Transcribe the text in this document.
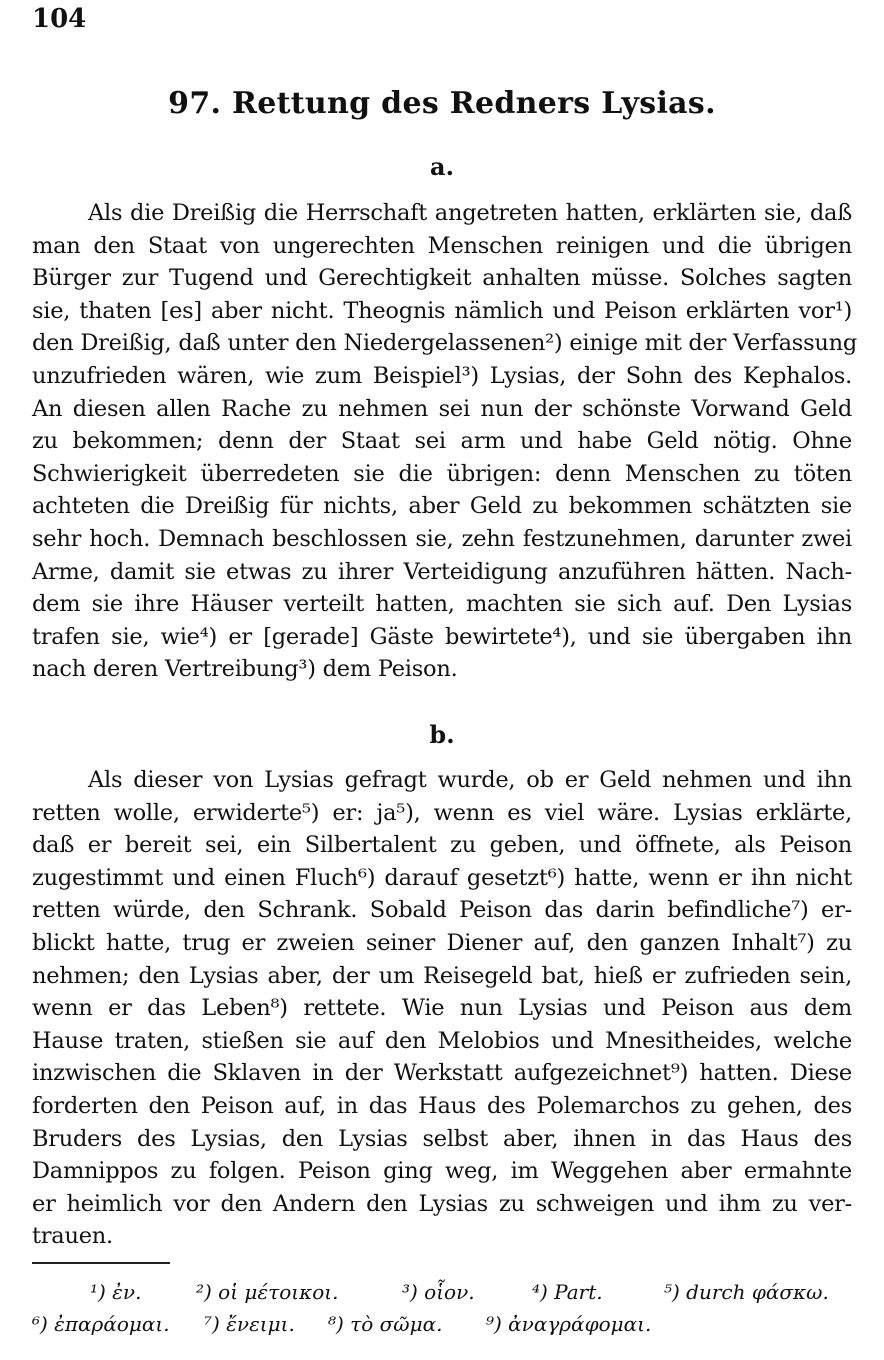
104
97. Rettung des Redners Lysias.
a.
Als die Dreißig die Herrschaft angetreten hatten, erklärten sie, daß
man den Staat von ungerechten Menschen reinigen und die übrigen
Bürger zur Tugend und Gerechtigkeit anhalten müsse. Solches sagten
sie, thaten [es] aber nicht. Theognis nämlich und Peison erklärten vor¹)
den Dreißig, daß unter den Niedergelassenen²) einige mit der Verfassung
unzufrieden wären, wie zum Beispiel³) Lysias, der Sohn des Kephalos.
An diesen allen Rache zu nehmen sei nun der schönste Vorwand Geld
zu bekommen; denn der Staat sei arm und habe Geld nötig. Ohne
Schwierigkeit überredeten sie die übrigen: denn Menschen zu töten
achteten die Dreißig für nichts, aber Geld zu bekommen schätzten sie
sehr hoch. Demnach beschlossen sie, zehn festzunehmen, darunter zwei
Arme, damit sie etwas zu ihrer Verteidigung anzuführen hätten. Nach-
dem sie ihre Häuser verteilt hatten, machten sie sich auf. Den Lysias
trafen sie, wie⁴) er [gerade] Gäste bewirtete⁴), und sie übergaben ihn
nach deren Vertreibung³) dem Peison.
b.
Als dieser von Lysias gefragt wurde, ob er Geld nehmen und ihn
retten wolle, erwiderte⁵) er: ja⁵), wenn es viel wäre. Lysias erklärte,
daß er bereit sei, ein Silbertalent zu geben, und öffnete, als Peison
zugestimmt und einen Fluch⁶) darauf gesetzt⁶) hatte, wenn er ihn nicht
retten würde, den Schrank. Sobald Peison das darin befindliche⁷) er-
blickt hatte, trug er zweien seiner Diener auf, den ganzen Inhalt⁷) zu
nehmen; den Lysias aber, der um Reisegeld bat, hieß er zufrieden sein,
wenn er das Leben⁸) rettete. Wie nun Lysias und Peison aus dem
Hause traten, stießen sie auf den Melobios und Mnesitheides, welche
inzwischen die Sklaven in der Werkstatt aufgezeichnet⁹) hatten. Diese
forderten den Peison auf, in das Haus des Polemarchos zu gehen, des
Bruders des Lysias, den Lysias selbst aber, ihnen in das Haus des
Damnippos zu folgen. Peison ging weg, im Weggehen aber ermahnte
er heimlich vor den Andern den Lysias zu schweigen und ihm zu ver-
trauen.
¹) ἐν.	²) οἱ μέτοικοι.	³) οἷον.	⁴) Part.	⁵) durch φάσκω.
⁶) ἐπαράομαι. ⁷) ἔνειμι. ⁸) τὸ σῶμα. ⁹) ἀναγράφομαι.
